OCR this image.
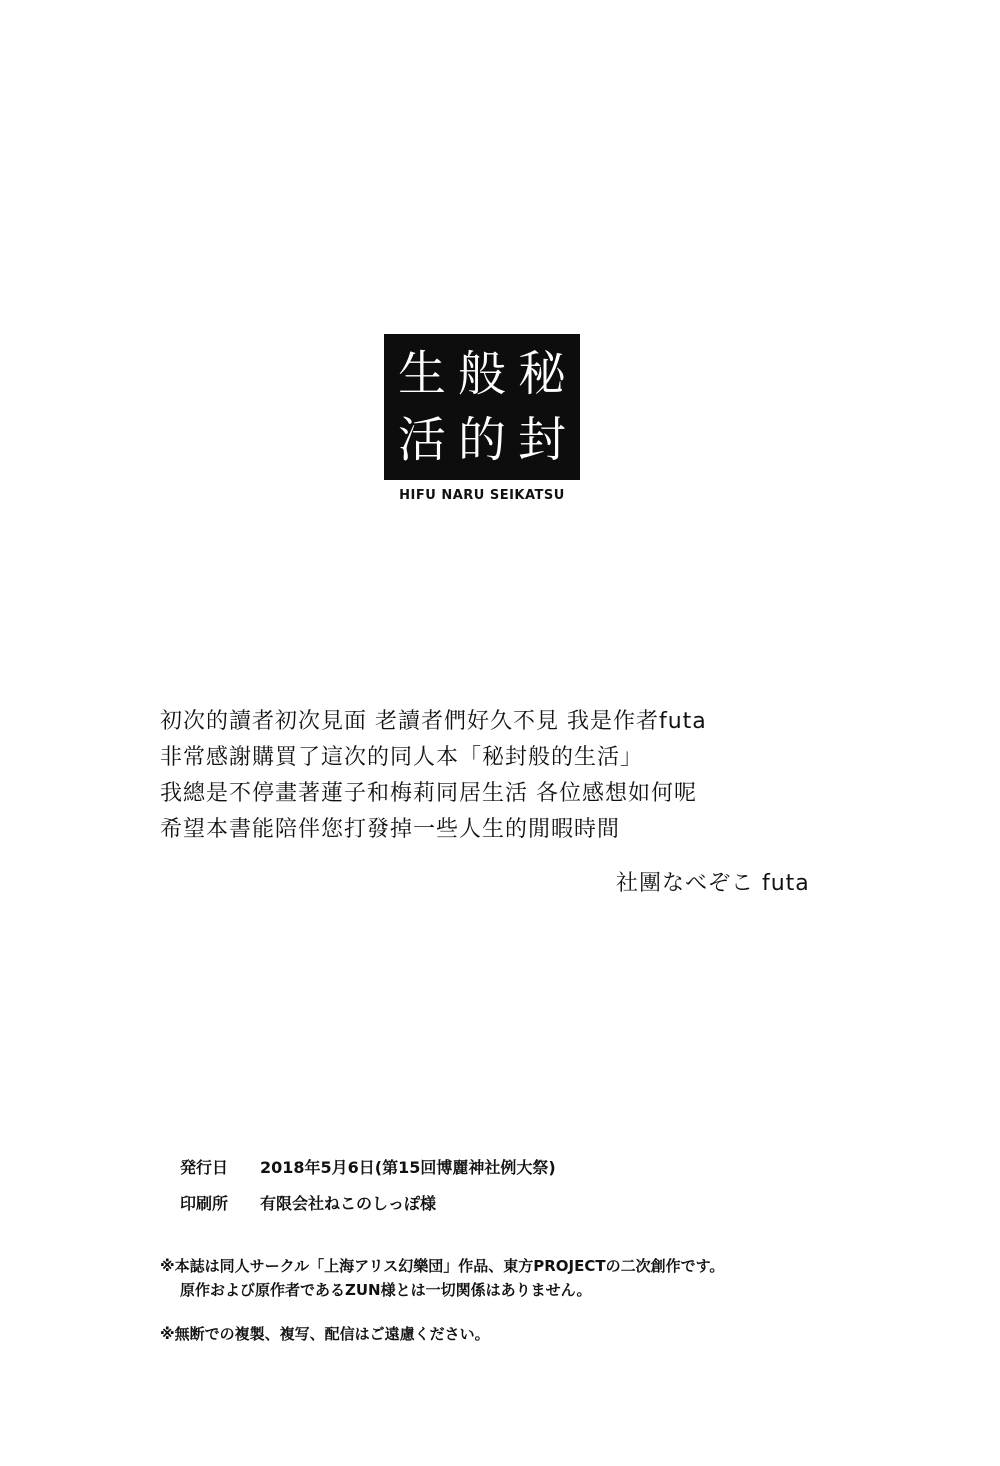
秘
封
般
的
生
活
HIFU NARU SEIKATSU
初次的讀者初次見面 老讀者們好久不見 我是作者futa
非常感謝購買了這次的同人本「秘封般的生活」
我總是不停畫著蓮子和梅莉同居生活 各位感想如何呢
希望本書能陪伴您打發掉一些人生的閒暇時間
社團なべぞこ futa
発行日 2018年5月6日(第15回博麗神社例大祭)
印刷所 有限会社ねこのしっぽ様
※本誌は同人サークル「上海アリス幻樂団」作品、東方PROJECTの二次創作です。
原作および原作者であるZUN様とは一切関係はありません。
※無断での複製、複写、配信はご遠慮ください。
